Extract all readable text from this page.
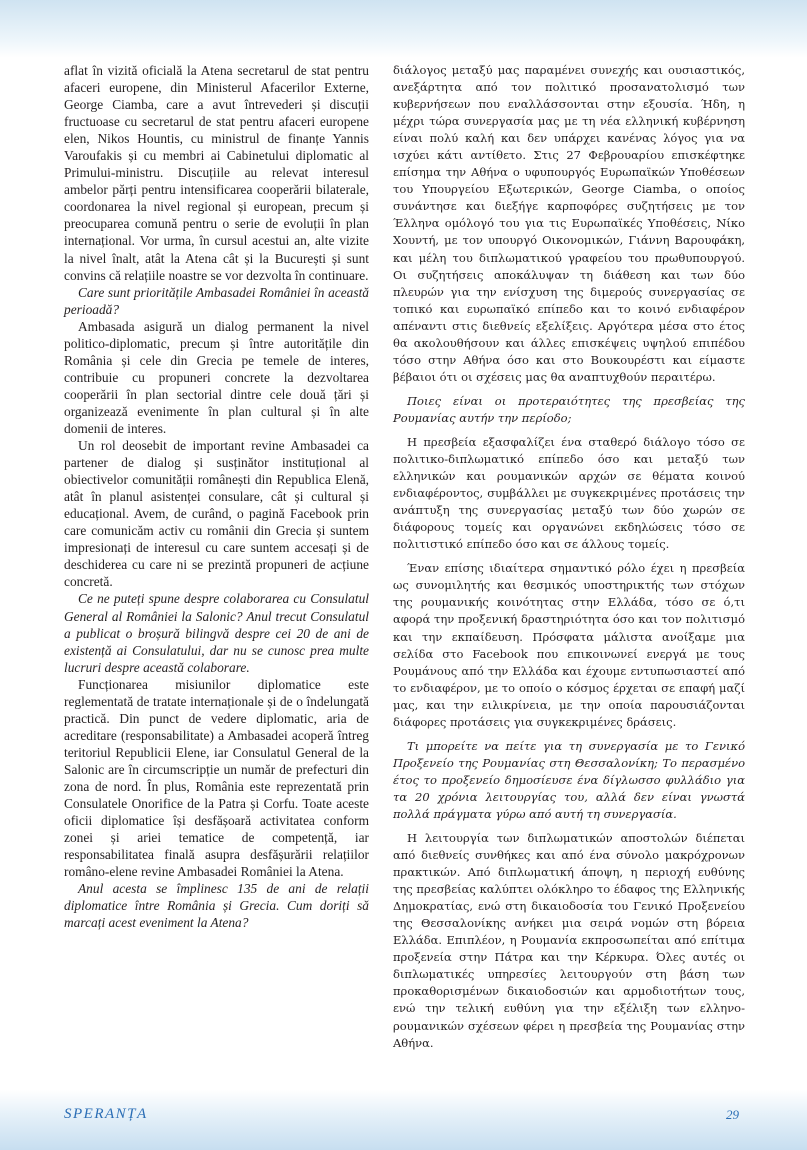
aflat în vizită oficială la Atena secretarul de stat pentru afaceri europene, din Ministerul Afacerilor Externe, George Ciamba, care a avut întrevederi și discuții fructuoase cu secretarul de stat pentru afaceri europene elen, Nikos Hountis, cu ministrul de finanțe Yannis Varoufakis și cu membri ai Cabinetului diplomatic al Primului-ministru. Discuțiile au relevat interesul ambelor părți pentru intensificarea cooperării bilaterale, coordonarea la nivel regional și european, precum și preocuparea comună pentru o serie de evoluții în plan internațional. Vor urma, în cursul acestui an, alte vizite la nivel înalt, atât la Atena cât și la București și sunt convins că relațiile noastre se vor dezvolta în continuare.

Care sunt prioritățile Ambasadei României în această perioadă?

Ambasada asigură un dialog permanent la nivel politico-diplomatic, precum și între autoritățile din România și cele din Grecia pe temele de interes, contribuie cu propuneri concrete la dezvoltarea cooperării în plan sectorial dintre cele două țări și organizează evenimente în plan cultural și în alte domenii de interes.

Un rol deosebit de important revine Ambasadei ca partener de dialog și susținător instituțional al obiectivelor comunității românești din Republica Elenă, atât în planul asistenței consulare, cât și cultural și educațional. Avem, de curând, o pagină Facebook prin care comunicăm activ cu românii din Grecia și suntem impresionați de interesul cu care suntem accesați și de deschiderea cu care ni se prezintă propuneri de acțiune concretă.

Ce ne puteți spune despre colaborarea cu Consulatul General al României la Salonic? Anul trecut Consulatul a publicat o broșură bilingvă despre cei 20 de ani de existență ai Consulatului, dar nu se cunosc prea multe lucruri despre această colaborare.

Funcționarea misiunilor diplomatice este reglementată de tratate internaționale și de o îndelungată practică. Din punct de vedere diplomatic, aria de acreditare (responsabilitate) a Ambasadei acoperă întreg teritoriul Republicii Elene, iar Consulatul General de la Salonic are în circumscripție un număr de prefecturi din zona de nord. În plus, România este reprezentată prin Consulatele Onorifice de la Patra și Corfu. Toate aceste oficii diplomatice își desfășoară activitatea conform zonei și ariei tematice de competență, iar responsabilitatea finală asupra desfășurării relațiilor româno-elene revine Ambasadei României la Atena.

Anul acesta se împlinesc 135 de ani de relații diplomatice între România și Grecia. Cum doriți să marcați acest eveniment la Atena?

διάλογος μεταξύ μας παραμένει συνεχής και ουσιαστικός, ανεξάρτητα από τον πολιτικό προσανατολισμό των κυβερνήσεων που εναλλάσσονται στην εξουσία. Ήδη, η μέχρι τώρα συνεργασία μας με τη νέα ελληνική κυβέρνηση είναι πολύ καλή και δεν υπάρχει κανένας λόγος για να ισχύει κάτι αντίθετο. Στις 27 Φεβρουαρίου επισκέφτηκε επίσημα την Αθήνα ο υφυπουργός Ευρωπαϊκών Υποθέσεων του Υπουργείου Εξωτερικών, George Ciamba, ο οποίος συνάντησε και διεξήγε καρποφόρες συζητήσεις με τον Έλληνα ομόλογό του για τις Ευρωπαϊκές Υποθέσεις, Νίκο Χουντή, με τον υπουργό Οικονομικών, Γιάννη Βαρουφάκη, και μέλη του διπλωματικού γραφείου του πρωθυπουργού. Οι συζητήσεις αποκάλυψαν τη διάθεση και των δύο πλευρών για την ενίσχυση της διμερούς συνεργασίας σε τοπικό και ευρωπαϊκό επίπεδο και το κοινό ενδιαφέρον απέναντι στις διεθνείς εξελίξεις. Αργότερα μέσα στο έτος θα ακολουθήσουν και άλλες επισκέψεις υψηλού επιπέδου τόσο στην Αθήνα όσο και στο Βουκουρέστι και είμαστε βέβαιοι ότι οι σχέσεις μας θα αναπτυχθούν περαιτέρω.

Ποιες είναι οι προτεραιότητες της πρεσβείας της Ρουμανίας αυτήν την περίοδο;

Η πρεσβεία εξασφαλίζει ένα σταθερό διάλογο τόσο σε πολιτικο-διπλωματικό επίπεδο όσο και μεταξύ των ελληνικών και ρουμανικών αρχών σε θέματα κοινού ενδιαφέροντος, συμβάλλει με συγκεκριμένες προτάσεις την ανάπτυξη της συνεργασίας μεταξύ των δύο χωρών σε διάφορους τομείς και οργανώνει εκδηλώσεις τόσο σε πολιτιστικό επίπεδο όσο και σε άλλους τομείς.

Έναν επίσης ιδιαίτερα σημαντικό ρόλο έχει η πρεσβεία ως συνομιλητής και θεσμικός υποστηρικτής των στόχων της ρουμανικής κοινότητας στην Ελλάδα, τόσο σε ό,τι αφορά την προξενική δραστηριότητα όσο και τον πολιτισμό και την εκπαίδευση. Πρόσφατα μάλιστα ανοίξαμε μια σελίδα στο Facebook που επικοινωνεί ενεργά με τους Ρουμάνους από την Ελλάδα και έχουμε εντυπωσιαστεί από το ενδιαφέρον, με το οποίο ο κόσμος έρχεται σε επαφή μαζί μας, και την ειλικρίνεια, με την οποία παρουσιάζονται διάφορες προτάσεις για συγκεκριμένες δράσεις.

Τι μπορείτε να πείτε για τη συνεργασία με το Γενικό Προξενείο της Ρουμανίας στη Θεσσαλονίκη; Το περασμένο έτος το προξενείο δημοσίευσε ένα δίγλωσσο φυλλάδιο για τα 20 χρόνια λειτουργίας του, αλλά δεν είναι γνωστά πολλά πράγματα γύρω από αυτή τη συνεργασία.

Η λειτουργία των διπλωματικών αποστολών διέπεται από διεθνείς συνθήκες και από ένα σύνολο μακρόχρονων πρακτικών. Από διπλωματική άποψη, η περιοχή ευθύνης της πρεσβείας καλύπτει ολόκληρο το έδαφος της Ελληνικής Δημοκρατίας, ενώ στη δικαιοδοσία του Γενικό Προξενείου της Θεσσαλονίκης ανήκει μια σειρά νομών στη βόρεια Ελλάδα. Επιπλέον, η Ρουμανία εκπροσωπείται από επίτιμα προξενεία στην Πάτρα και την Κέρκυρα. Όλες αυτές οι διπλωματικές υπηρεσίες λειτουργούν στη βάση των προκαθορισμένων δικαιοδοσιών και αρμοδιοτήτων τους, ενώ την τελική ευθύνη για την εξέλιξη των ελληνο-ρουμανικών σχέσεων φέρει η πρεσβεία της Ρουμανίας στην Αθήνα.

SPERANȚA	29
